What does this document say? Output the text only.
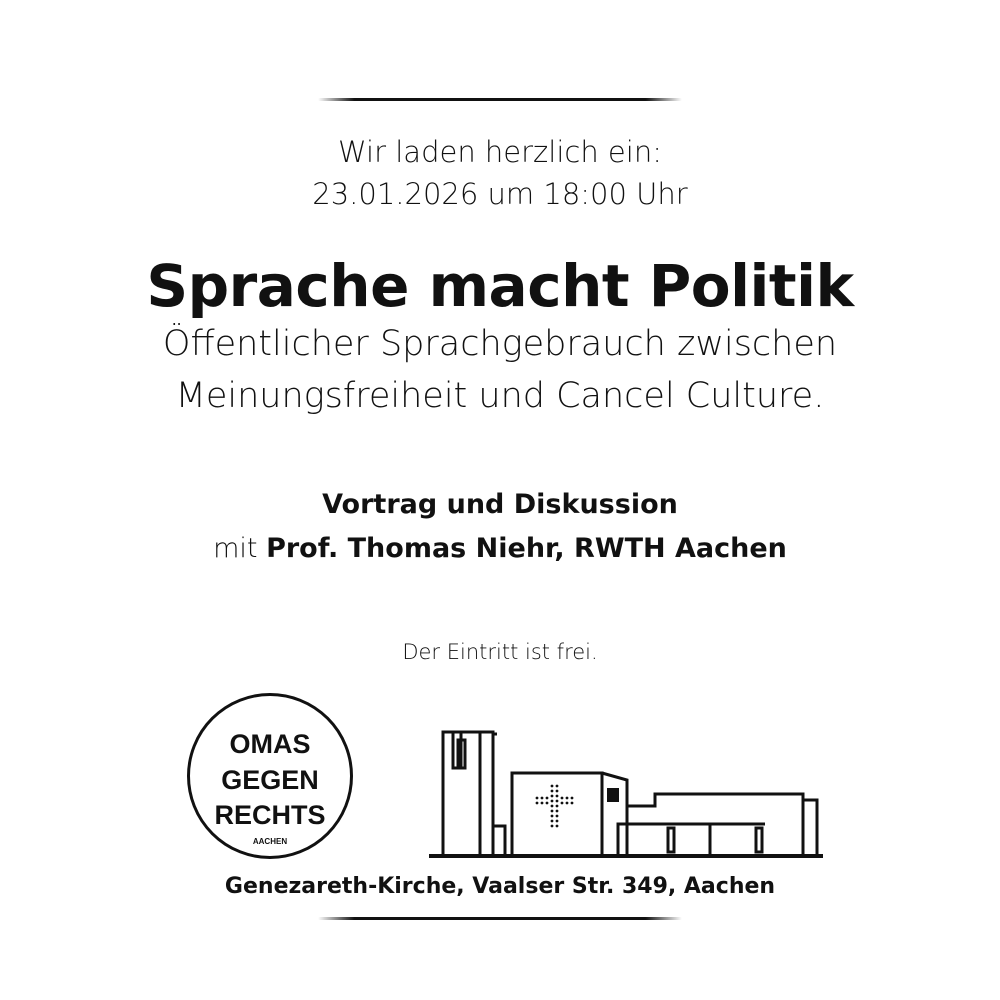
Wir laden herzlich ein:
23.01.2026 um 18:00 Uhr
Sprache macht Politik
Öffentlicher Sprachgebrauch zwischen
Meinungsfreiheit und Cancel Culture.
Vortrag und Diskussion
mit Prof. Thomas Niehr, RWTH Aachen
Der Eintritt ist frei.
OMAS
GEGEN
RECHTS
AACHEN
Genezareth-Kirche, Vaalser Str. 349, Aachen
